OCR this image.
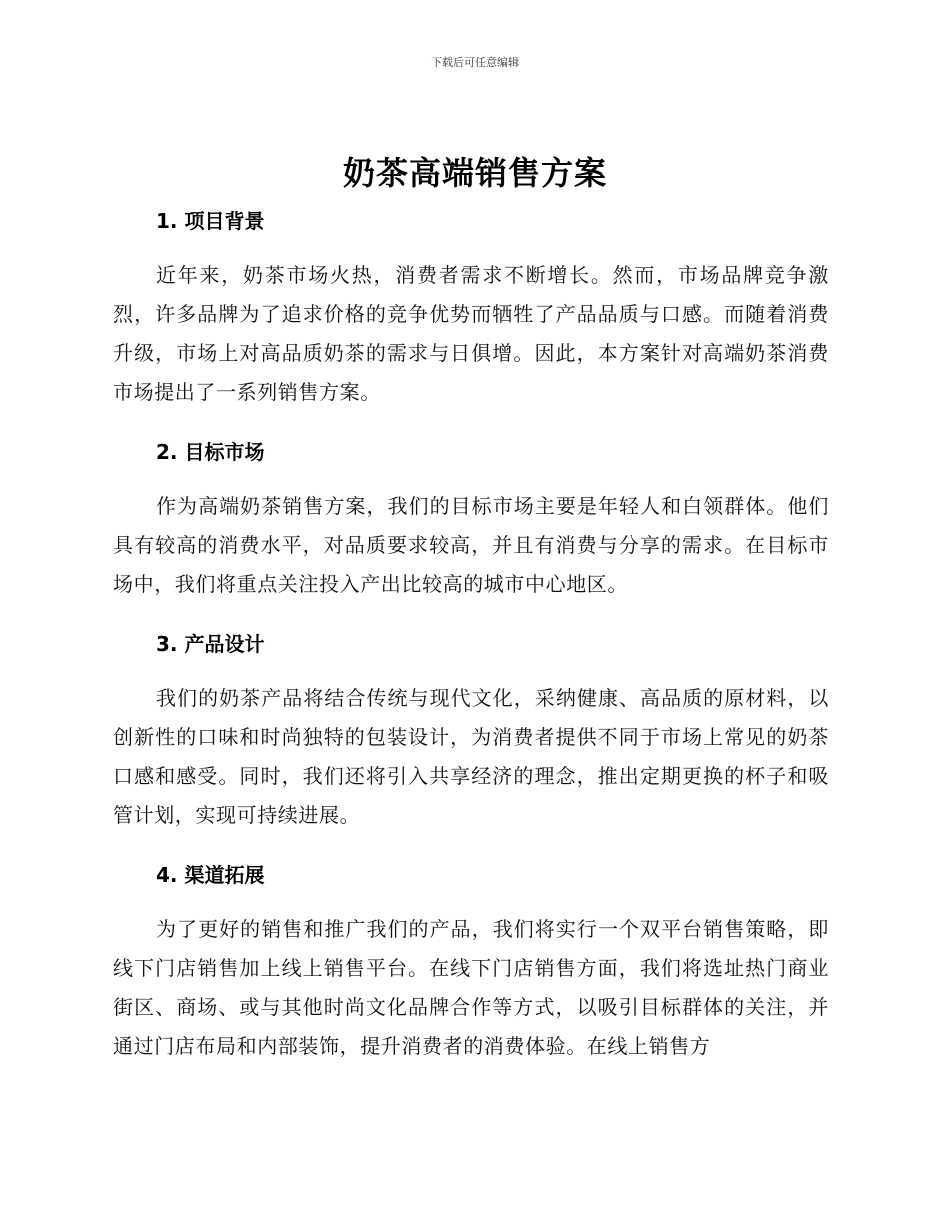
下载后可任意编辑
奶茶高端销售方案
1. 项目背景

近年来，奶茶市场火热，消费者需求不断增长。然而，市场品牌竞争激烈，许多品牌为了追求价格的竞争优势而牺牲了产品品质与口感。而随着消费升级，市场上对高品质奶茶的需求与日俱增。因此，本方案针对高端奶茶消费市场提出了一系列销售方案。

2. 目标市场

作为高端奶茶销售方案，我们的目标市场主要是年轻人和白领群体。他们具有较高的消费水平，对品质要求较高，并且有消费与分享的需求。在目标市场中，我们将重点关注投入产出比较高的城市中心地区。

3. 产品设计

我们的奶茶产品将结合传统与现代文化，采纳健康、高品质的原材料，以创新性的口味和时尚独特的包装设计，为消费者提供不同于市场上常见的奶茶口感和感受。同时，我们还将引入共享经济的理念，推出定期更换的杯子和吸管计划，实现可持续进展。

4. 渠道拓展

为了更好的销售和推广我们的产品，我们将实行一个双平台销售策略，即线下门店销售加上线上销售平台。在线下门店销售方面，我们将选址热门商业街区、商场、或与其他时尚文化品牌合作等方式，以吸引目标群体的关注，并通过门店布局和内部装饰，提升消费者的消费体验。在线上销售方
